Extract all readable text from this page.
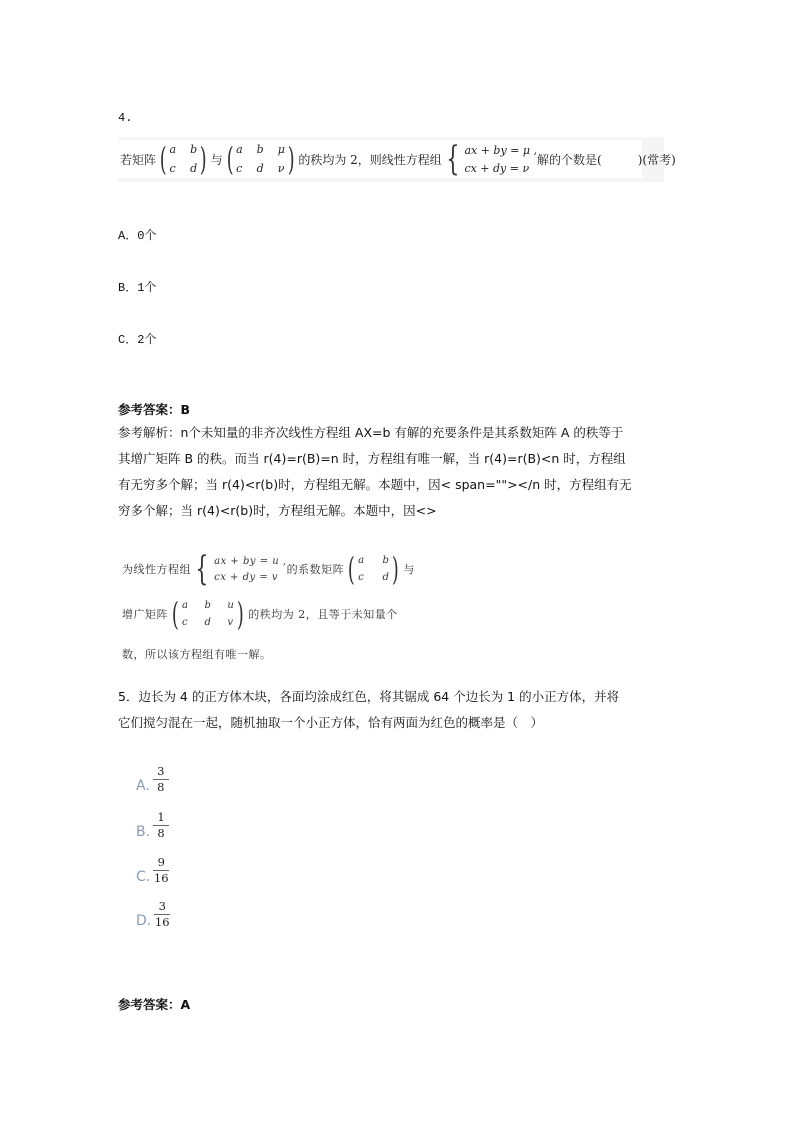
4.
若矩阵 ( a b
c d ) 与 ( a b μ
c d ν ) 的秩均为 2，则线性方程组 { ax + by = μ ,
cx + dy = ν
解的个数是(　　　)(常考)
A．0个
B．1个
C．2个
参考答案：B
参考解析：n个未知量的非齐次线性方程组 AX=b 有解的充要条件是其系数矩阵 A 的秩等于
其增广矩阵 B 的秩。而当 r(4)=r(B)=n 时，方程组有唯一解，当 r(4)=r(B)<n 时，方程组
有无穷多个解；当 r(4)<r(b)时，方程组无解。本题中，因< span=""></n 时，方程组有无
穷多个解；当 r(4)<r(b)时，方程组无解。本题中，因<>
为线性方程组 { ax + by = u ,
cx + dy = v
的系数矩阵 ( a b
c d ) 与
增广矩阵 ( a b u
c d v ) 的秩均为 2，且等于未知量个
数，所以该方程组有唯一解。
5．边长为 4 的正方体木块，各面均涂成红色，将其锯成 64 个边长为 1 的小正方体，并将
它们搅匀混在一起，随机抽取一个小正方体，恰有两面为红色的概率是（　）
A. $\frac{3}{8}$
B. $\frac{1}{8}$
C. $\frac{9}{16}$
D. $\frac{3}{16}$
参考答案：A
